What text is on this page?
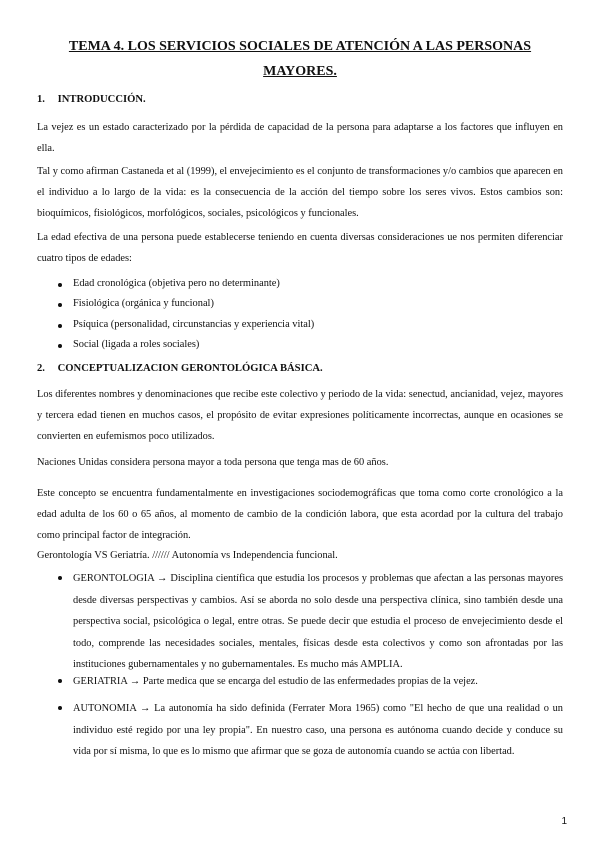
TEMA 4. LOS SERVICIOS SOCIALES DE ATENCIÓN A LAS PERSONAS MAYORES.
1. INTRODUCCIÓN.

La vejez es un estado caracterizado por la pérdida de capacidad de la persona para adaptarse a los factores que influyen en ella.

Tal y como afirman Castaneda et al (1999), el envejecimiento es el conjunto de transformaciones y/o cambios que aparecen en el individuo a lo largo de la vida: es la consecuencia de la acción del tiempo sobre los seres vivos. Estos cambios son: bioquímicos, fisiológicos, morfológicos, sociales, psicológicos y funcionales.

La edad efectiva de una persona puede establecerse teniendo en cuenta diversas consideraciones ue nos permiten diferenciar cuatro tipos de edades:

Edad cronológica (objetiva pero no determinante)
Fisiológica (orgánica y funcional)
Psíquica (personalidad, circunstancias y experiencia vital)
Social (ligada a roles sociales)
2. CONCEPTUALIZACION GERONTOLÓGICA BÁSICA.

Los diferentes nombres y denominaciones que recibe este colectivo y periodo de la vida: senectud, ancianidad, vejez, mayores y tercera edad tienen en muchos casos, el propósito de evitar expresiones políticamente incorrectas, aunque en ocasiones se convierten en eufemismos poco utilizados.

Naciones Unidas considera persona mayor a toda persona que tenga mas de 60 años.

Este concepto se encuentra fundamentalmente en investigaciones sociodemográficas que toma como corte cronológico a la edad adulta de los 60 o 65 años, al momento de cambio de la condición labora, que esta acordad por la cultura del trabajo como principal factor de integración.

Gerontología VS Geriatría. ////// Autonomía vs Independencia funcional.

GERONTOLOGIA → Disciplina científica que estudia los procesos y problemas que afectan a las personas mayores desde diversas perspectivas y cambios. Así se aborda no solo desde una perspectiva clínica, sino también desde una perspectiva social, psicológica o legal, entre otras. Se puede decir que estudia el proceso de envejecimiento desde el todo, comprende las necesidades sociales, mentales, físicas desde esta colectivos y como son afrontadas por las instituciones gubernamentales y no gubernamentales. Es mucho más AMPLIA.

GERIATRIA → Parte medica que se encarga del estudio de las enfermedades propias de la vejez.

AUTONOMIA → La autonomía ha sido definida (Ferrater Mora 1965) como "El hecho de que una realidad o un individuo esté regido por una ley propia". En nuestro caso, una persona es autónoma cuando decide y conduce su vida por sí misma, lo que es lo mismo que afirmar que se goza de autonomía cuando se actúa con libertad.

1
